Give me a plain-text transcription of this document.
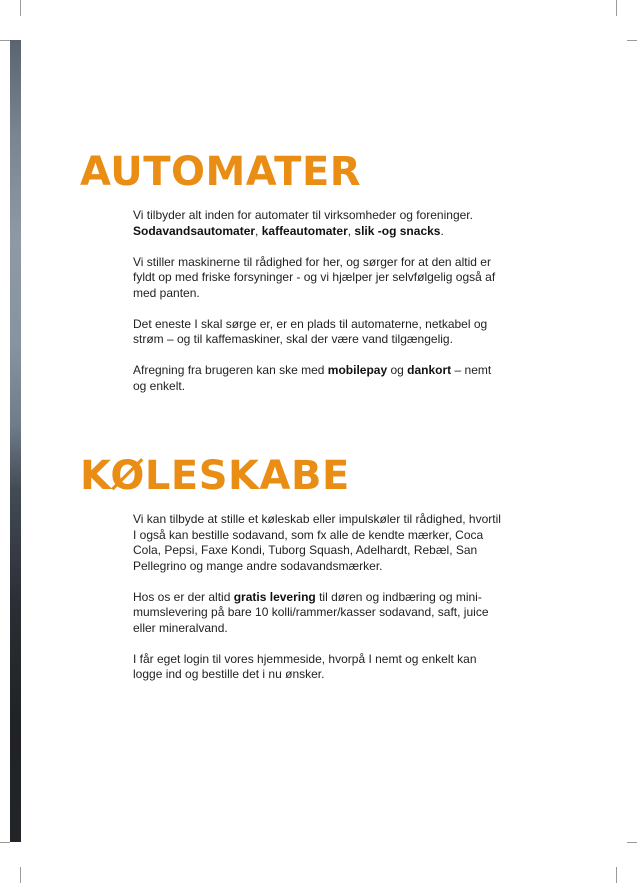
AUTOMATER

Vi tilbyder alt inden for automater til virksomheder og foreninger.
Sodavandsautomater, kaffeautomater, slik -og snacks.

Vi stiller maskinerne til rådighed for her, og sørger for at den altid er fyldt op med friske forsyninger - og vi hjælper jer selvfølgelig også af med panten.

Det eneste I skal sørge er, er en plads til automaterne, netkabel og strøm – og til kaffemaskiner, skal der være vand tilgængelig.

Afregning fra brugeren kan ske med mobilepay og dankort – nemt og enkelt.

KØLESKABE

Vi kan tilbyde at stille et køleskab eller impulskøler til rådighed, hvortil I også kan bestille sodavand, som fx alle de kendte mærker, Coca Cola, Pepsi, Faxe Kondi, Tuborg Squash, Adelhardt, Rebæl, San Pellegrino og mange andre sodavandsmærker.

Hos os er der altid gratis levering til døren og indbæring og mini-mumslevering på bare 10 kolli/rammer/kasser sodavand, saft, juice eller mineralvand.

I får eget login til vores hjemmeside, hvorpå I nemt og enkelt kan logge ind og bestille det i nu ønsker.
